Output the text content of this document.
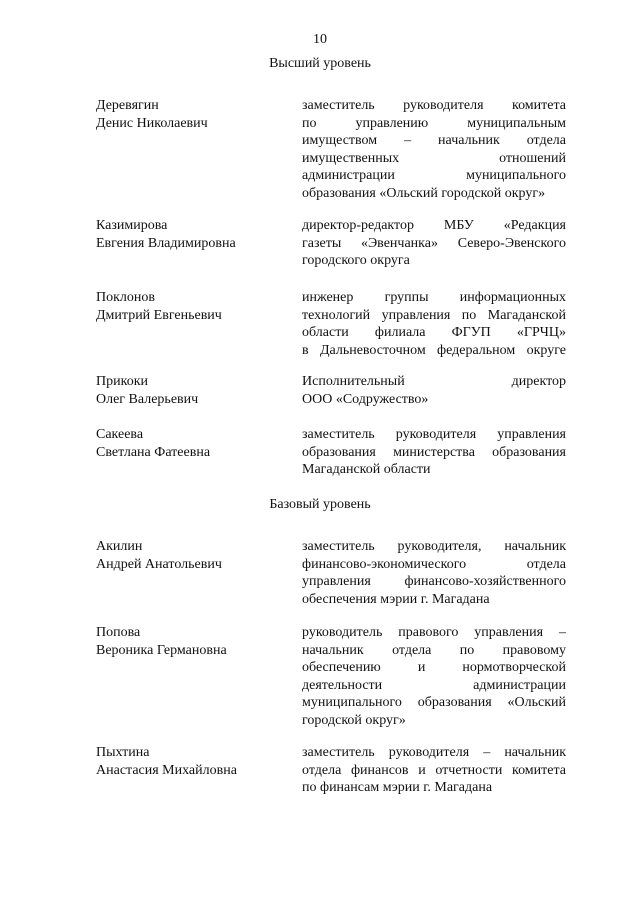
10
Высший уровень
Деревягин
Денис Николаевич
заместитель руководителя комитета
по управлению муниципальным
имуществом – начальник отдела
имущественных отношений
администрации муниципального
образования «Ольский городской округ»
Казимирова
Евгения Владимировна
директор-редактор МБУ «Редакция
газеты «Эвенчанка» Северо-Эвенского
городского округа
Поклонов
Дмитрий Евгеньевич
инженер группы информационных
технологий управления по Магаданской
области филиала ФГУП «ГРЧЦ»
в Дальневосточном федеральном округе
Прикоки
Олег Валерьевич
Исполнительный директор
ООО «Содружество»
Сакеева
Светлана Фатеевна
заместитель руководителя управления
образования министерства образования
Магаданской области
Базовый уровень
Акилин
Андрей Анатольевич
заместитель руководителя, начальник
финансово-экономического отдела
управления финансово-хозяйственного
обеспечения мэрии г. Магадана
Попова
Вероника Германовна
руководитель правового управления –
начальник отдела по правовому
обеспечению и нормотворческой
деятельности администрации
муниципального образования «Ольский
городской округ»
Пыхтина
Анастасия Михайловна
заместитель руководителя – начальник
отдела финансов и отчетности комитета
по финансам мэрии г. Магадана
